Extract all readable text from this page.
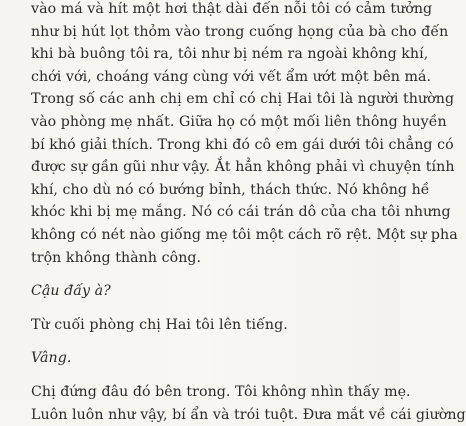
vào má và hít một hơi thật dài đến nỗi tôi có cảm tưởng
như bị hút lọt thỏm vào trong cuống họng của bà cho đến
khi bà buông tôi ra, tôi như bị ném ra ngoài không khí,
chới với, choáng váng cùng với vết ẩm ướt một bên má.
Trong số các anh chị em chỉ có chị Hai tôi là người thường
vào phòng mẹ nhất. Giữa họ có một mối liên thông huyền
bí khó giải thích. Trong khi đó cô em gái dưới tôi chẳng có
được sự gần gũi như vậy. Ắt hẳn không phải vì chuyện tính
khí, cho dù nó có bướng bỉnh, thách thức. Nó không hề
khóc khi bị mẹ mắng. Nó có cái trán dô của cha tôi nhưng
không có nét nào giống mẹ tôi một cách rõ rệt. Một sự pha
trộn không thành công.
Cậu đấy à?
Từ cuối phòng chị Hai tôi lên tiếng.
Vâng.
Chị đứng đâu đó bên trong. Tôi không nhìn thấy mẹ.
Luôn luôn như vậy, bí ẩn và trói tuột. Đưa mắt về cái giường
